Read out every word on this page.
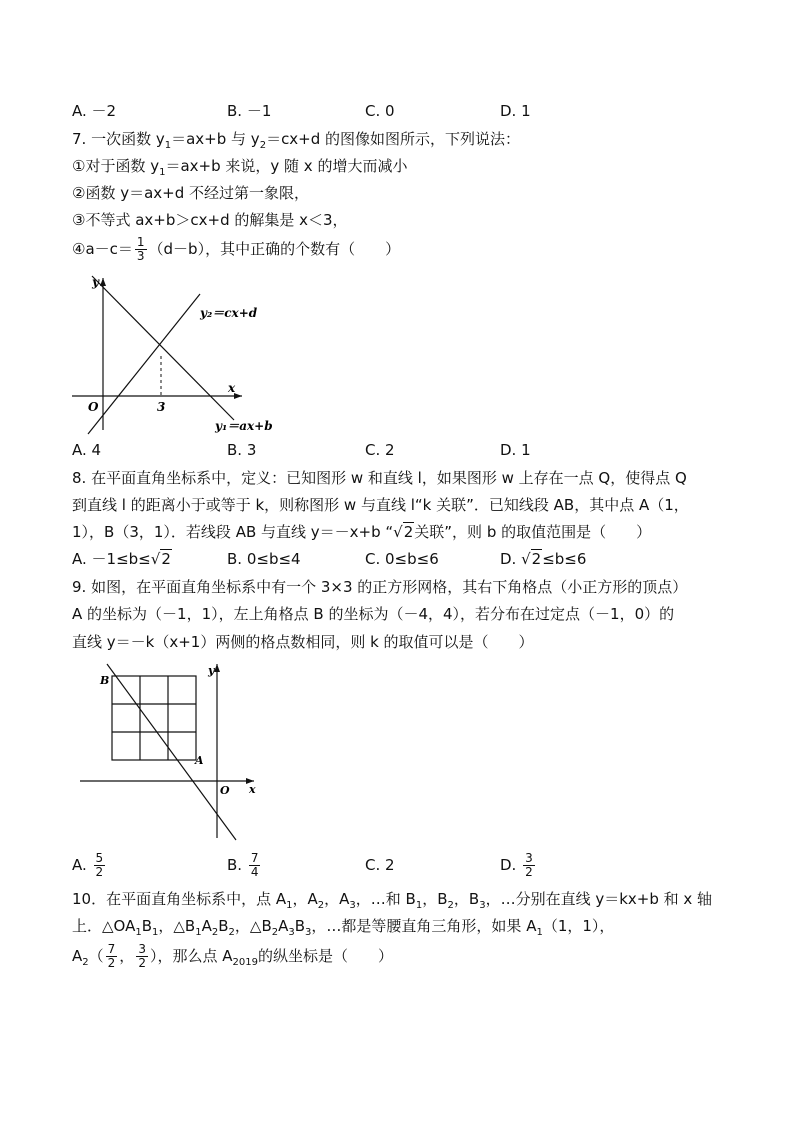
A. －2	B. －1	C. 0	D. 1
7. 一次函数 $y_1=ax+b$ 与 $y_2=cx+d$ 的图像如图所示，下列说法：
①对于函数 $y_1=ax+b$ 来说，y 随 x 的增大而减小
②函数 y＝ax+d 不经过第一象限，
③不等式 ax+b＞cx+d 的解集是 x＜3，
④a－c＝ $\frac{1}{3} (d-b)$，其中正确的个数有（　　）
y
x
O	3
y₂＝cx+d
y₁＝ax+b
A. 4	B. 3	C. 2	D. 1
8. 在平面直角坐标系中，定义：已知图形 w 和直线 l，如果图形 w 上存在一点 Q，使得点 Q
到直线 l 的距离小于或等于 k，则称图形 w 与直线 l“k 关联”．已知线段 AB，其中点 A（1，
1），B（3，1）．若线段 AB 与直线 y＝－x+b “√2关联”，则 b 的取值范围是（　　）
A. －1≤b≤√2	B. 0≤b≤4	C. 0≤b≤6	D. √2≤b≤6
9. 如图，在平面直角坐标系中有一个 3×3 的正方形网格，其右下角格点（小正方形的顶点）
A 的坐标为（－1，1），左上角格点 B 的坐标为（－4，4），若分布在过定点（－1，0）的
直线 y＝－k（x+1）两侧的格点数相同，则 k 的取值可以是（　　）
B
A
O x
y
A. $\frac{5}{2}$	B. $\frac{7}{4}$	C. 2	D. $\frac{3}{2}$
10．在平面直角坐标系中，点 $A_1$，$A_2$，$A_3$，…和 $B_1$，$B_2$，$B_3$，…分别在直线 y＝kx+b 和 x 轴
上．$\triangle OA_1B_1$，$\triangle B_1A_2B_2$，$\triangle B_2A_3B_3$，…都是等腰直角三角形，如果 $A_1(1$，1），
$A_2( \frac{7}{2}$ ， $\frac{3}{2}$ ），那么点 $A_{2019}$的纵坐标是（　　）
